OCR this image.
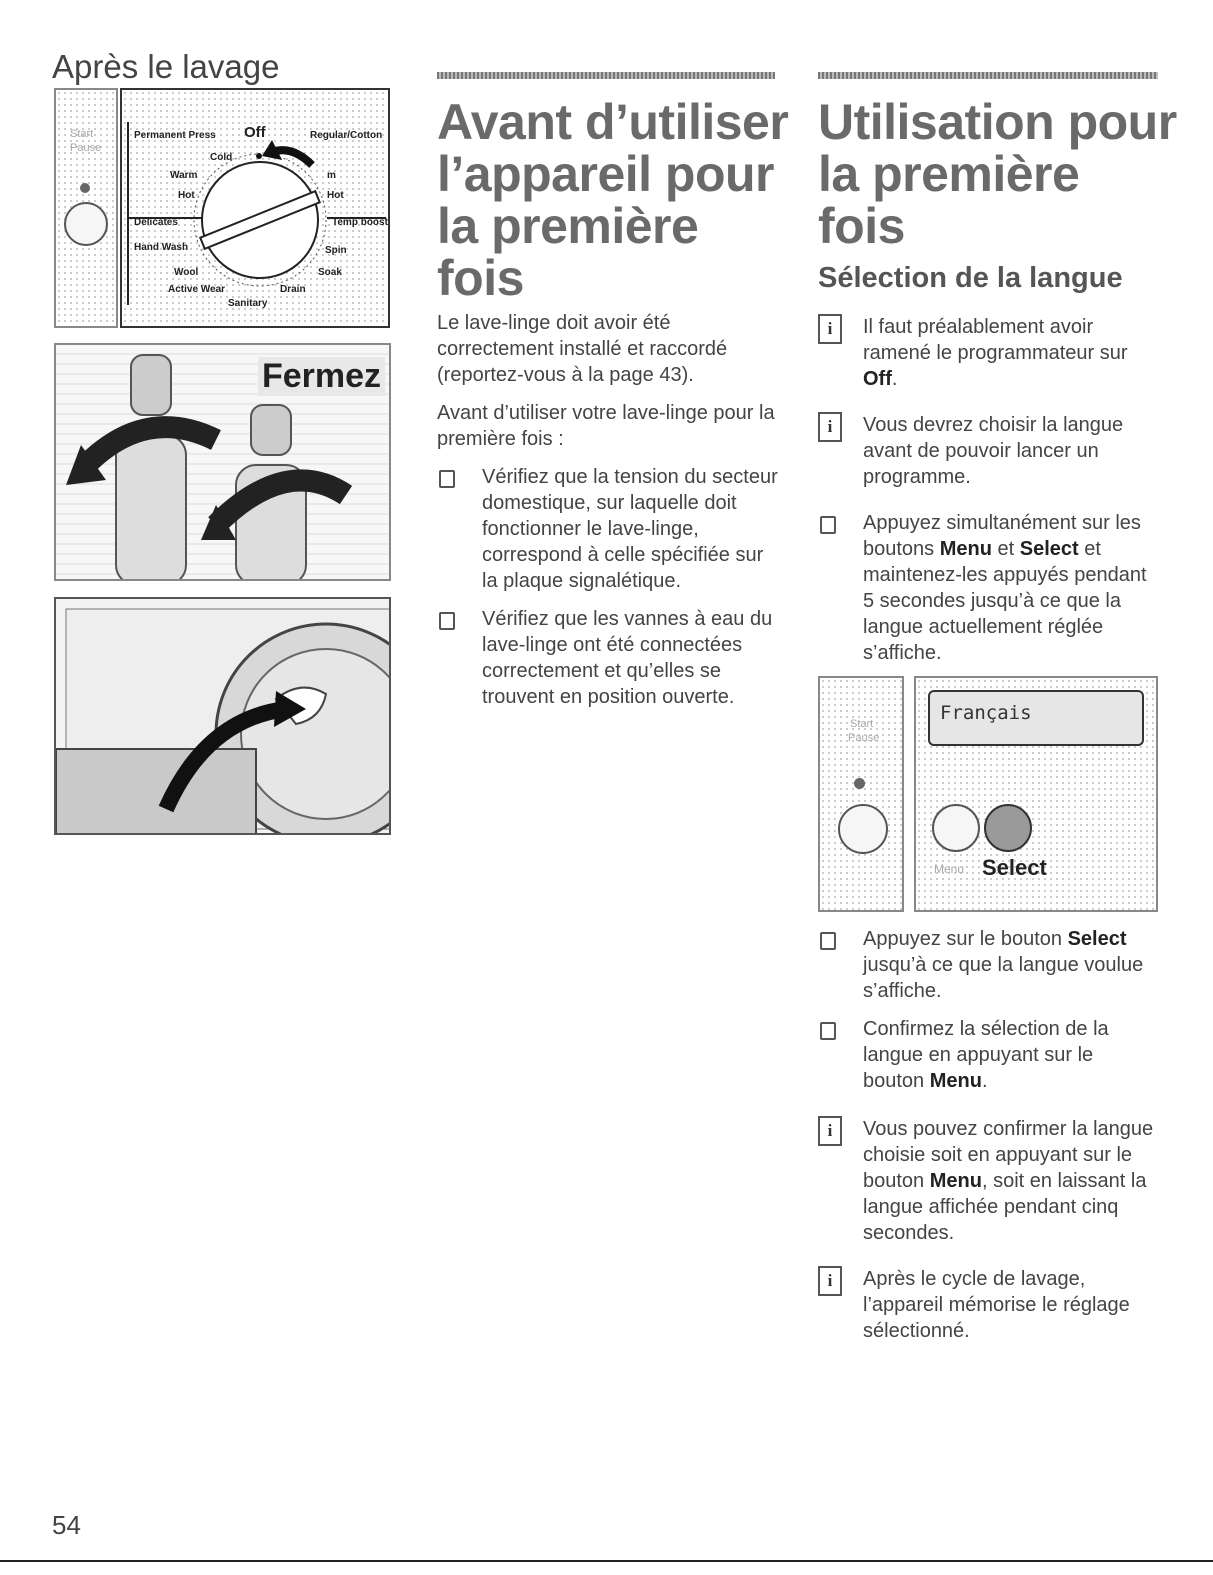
Après le lavage
Start
Pause
Permanent Press Off	Regular/Cotton
Cold
m
Warm
Hot	Hot
Delicates	Temp boost
Hand Wash	Spin
Wool	Soak
Active Wear	Drain
Sanitary
Fermez
54
Avant d’utiliser
l’appareil pour
la première
fois

Le lave-linge doit avoir été correctement installé et raccordé (reportez-vous à la page 43).

Avant d’utiliser votre lave-linge pour la première fois :

Vérifiez que la tension du secteur domestique, sur laquelle doit fonctionner le lave-linge, correspond à celle spécifiée sur la plaque signalétique.
Vérifiez que les vannes à eau du lave-linge ont été connectées correctement et qu’elles se trouvent en position ouverte.
Utilisation pour
la première
fois
Sélection de la langue
i	Il faut préalablement avoir ramené le programmateur sur Off.
i	Vous devrez choisir la langue avant de pouvoir lancer un programme.
Appuyez simultanément sur les boutons Menu et Select et maintenez-les appuyés pendant 5 secondes jusqu’à ce que la langue actuellement réglée s’affiche.
Start
Pause
Français
Menu Select
Appuyez sur le bouton Select jusqu’à ce que la langue voulue s’affiche.
Confirmez la sélection de la langue en appuyant sur le bouton Menu.
i	Vous pouvez confirmer la langue choisie soit en appuyant sur le bouton Menu, soit en laissant la langue affichée pendant cinq secondes.
i	Après le cycle de lavage, l’appareil mémorise le réglage sélectionné.
